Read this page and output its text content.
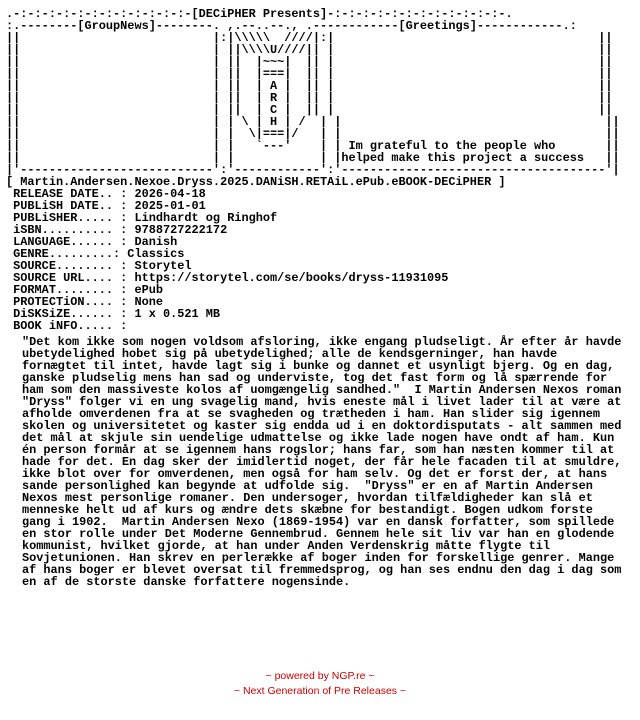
.-:-:-:-:-:-:-:-:-:-:-:-:-[DECiPHER Presents]-:-:-:-:-:-:-:-:-:-:-:-:-.
:.--------[GroupNews]--------. ,.--..--., .------------[Greetings]------------.:
||                           |:|\\\\\  ////|:|                                     ||
||                           | ||\\\\U////|| |                                     ||
||                           | ||  |~~~|  || |                                     ||
||                           | ||  |===|  || |                                     ||
||                           | ||  | A |  || |                                     ||
||                           | ||  | R |  || |                                     ||
||                           | ||  | C |  || |                                     ||
||                           | | \ | H | /  | |                                     ||
||                           | |  \|===|/   | |                                     ||
||                           | |   `---'    | | Im grateful to the people who       ||
||                           | |            | |helped make this project a success   ||
|'---------------------------':'------------':'-------------------------------------'|
[ Martin.Andersen.Nexoe.Dryss.2025.DANiSH.RETAiL.ePub.eBOOK-DECiPHER ]
RELEASE DATE.. : 2026-04-18
PUBLiSH DATE.. : 2025-01-01
PUBLiSHER..... : Lindhardt og Ringhof
iSBN.......... : 9788727222172
LANGUAGE...... : Danish
GENRE.........: Classics
SOURCE........ : Storytel
SOURCE URL.... : https://storytel.com/se/books/dryss-11931095
FORMAT........ : ePub
PROTECTiON.... : None
DiSKSiZE...... : 1 x 0.521 MB
BOOK iNFO..... :
"Det kom ikke som nogen voldsom afsloring, ikke engang pludseligt. År efter år havde ubetydelighed hobet sig på ubetydelighed; alle de kendsgerninger, han havde fornægtet til intet, havde lagt sig i bunke og dannet et usynligt bjerg. Og en dag, ganske pludselig mens han sad og underviste, tog det fast form og lå spærrende for ham som den massiveste kolos af uomgængelig sandhed."  I Martin Andersen Nexos roman "Dryss" folger vi en ung svagelig mand, hvis eneste mål i livet lader til at være at afholde omverdenen fra at se svagheden og trætheden i ham. Han slider sig igennem skolen og universitetet og kaster sig endda ud i en doktordisputats - alt sammen med det mål at skjule sin uendelige udmattelse og ikke lade nogen have ondt af ham. Kun én person formår at se igennem hans rogslor; hans far, som han næsten kommer til at hade for det. En dag sker der imidlertid noget, der får hele facaden til at smuldre, ikke blot over for omverdenen, men også for ham selv. Og det er forst der, at hans sande personlighed kan begynde at udfolde sig.  "Dryss" er en af Martin Andersen Nexos mest personlige romaner. Den undersoger, hvordan tilfældigheder kan slå et menneske helt ud af kurs og ændre dets skæbne for bestandigt. Bogen udkom forste gang i 1902.  Martin Andersen Nexo (1869-1954) var en dansk forfatter, som spillede en stor rolle under Det Moderne Gennembrud. Gennem hele sit liv var han en glodende kommunist, hvilket gjorde, at han under Anden Verdenskrig måtte flygte til Sovjetunionen. Han skrev en perlerække af boger inden for forskellige genrer. Mange af hans boger er blevet oversat til fremmedsprog, og han ses endnu den dag i dag som en af de storste danske forfattere nogensinde.
~ powered by NGP.re ~
~ Next Generation of Pre Releases ~
